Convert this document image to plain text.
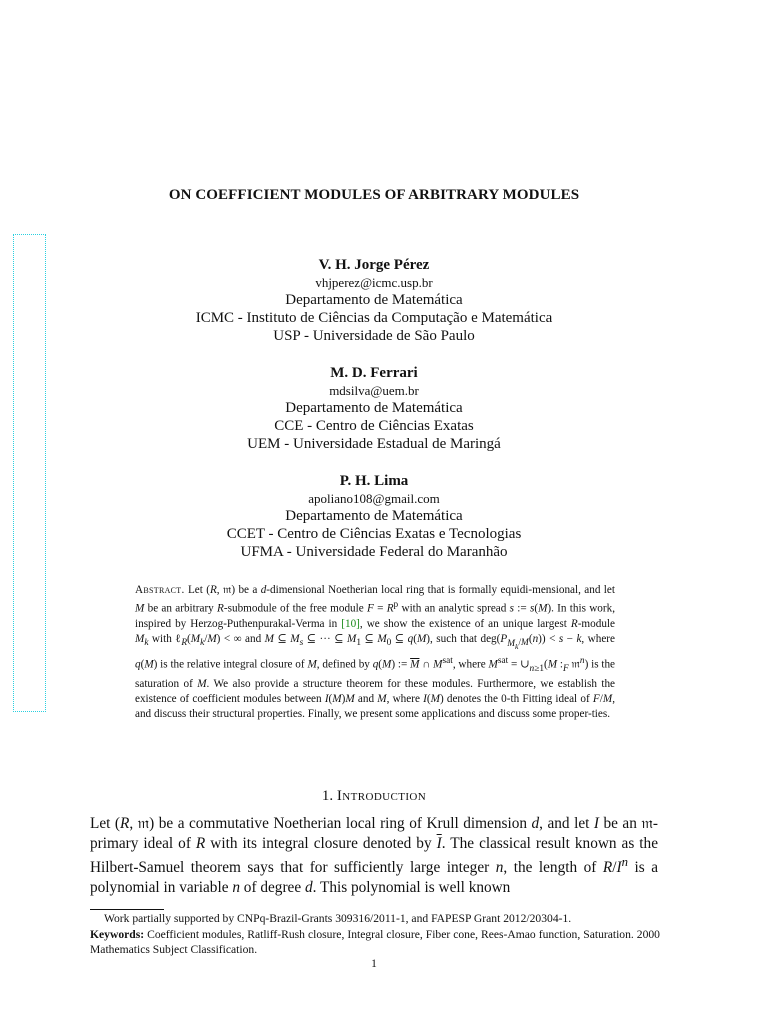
ON COEFFICIENT MODULES OF ARBITRARY MODULES
V. H. Jorge Pérez
vhjperez@icmc.usp.br
Departamento de Matemática
ICMC - Instituto de Ciências da Computação e Matemática
USP - Universidade de São Paulo
M. D. Ferrari
mdsilva@uem.br
Departamento de Matemática
CCE - Centro de Ciências Exatas
UEM - Universidade Estadual de Maringá
P. H. Lima
apoliano108@gmail.com
Departamento de Matemática
CCET - Centro de Ciências Exatas e Tecnologias
UFMA - Universidade Federal do Maranhão
Abstract. Let (R, 𝔪) be a d-dimensional Noetherian local ring that is formally equidi-mensional, and let M be an arbitrary R-submodule of the free module $F = R^p$ with an analytic spread s := s(M). In this work, inspired by Herzog-Puthenpurakal-Verma in [10], we show the existence of an unique largest R-module $M_k$ with $\ell_R(M_k/M)$ < ∞ and M ⊆ $M_s$ ⊆ ··· ⊆ $M_1$ ⊆ $M_0$ ⊆ q(M), such that $deg(P_{M_k/M}(n)) < s - k$, where q(M) is the relative integral closure of M, defined by q(M) := $\overline{M}$ ∩ $M^{sat}$, where $M^{sat}$ = $\cup_{n\ge 1}(M$ $:_F$ 𝔪$^n$) is the saturation of M. We also provide a structure theorem for these modules. Furthermore, we establish the existence of coefficient modules between I(M)M and M, where I(M) denotes the 0-th Fitting ideal of F/M, and discuss their structural properties. Finally, we present some applications and discuss some proper-ties.
1. Introduction
Let (R, 𝔪) be a commutative Noetherian local ring of Krull dimension d, and let I be an 𝔪-primary ideal of R with its integral closure denoted by $\overline{I}$. The classical result known as the Hilbert-Samuel theorem says that for sufficiently large integer n, the length of $R/I^n$ is a polynomial in variable n of degree d. This polynomial is well known
Work partially supported by CNPq-Brazil-Grants 309316/2011-1, and FAPESP Grant 2012/20304-1.
Keywords: Coefficient modules, Ratliff-Rush closure, Integral closure, Fiber cone, Rees-Amao function, Saturation. 2000 Mathematics Subject Classification.
1
